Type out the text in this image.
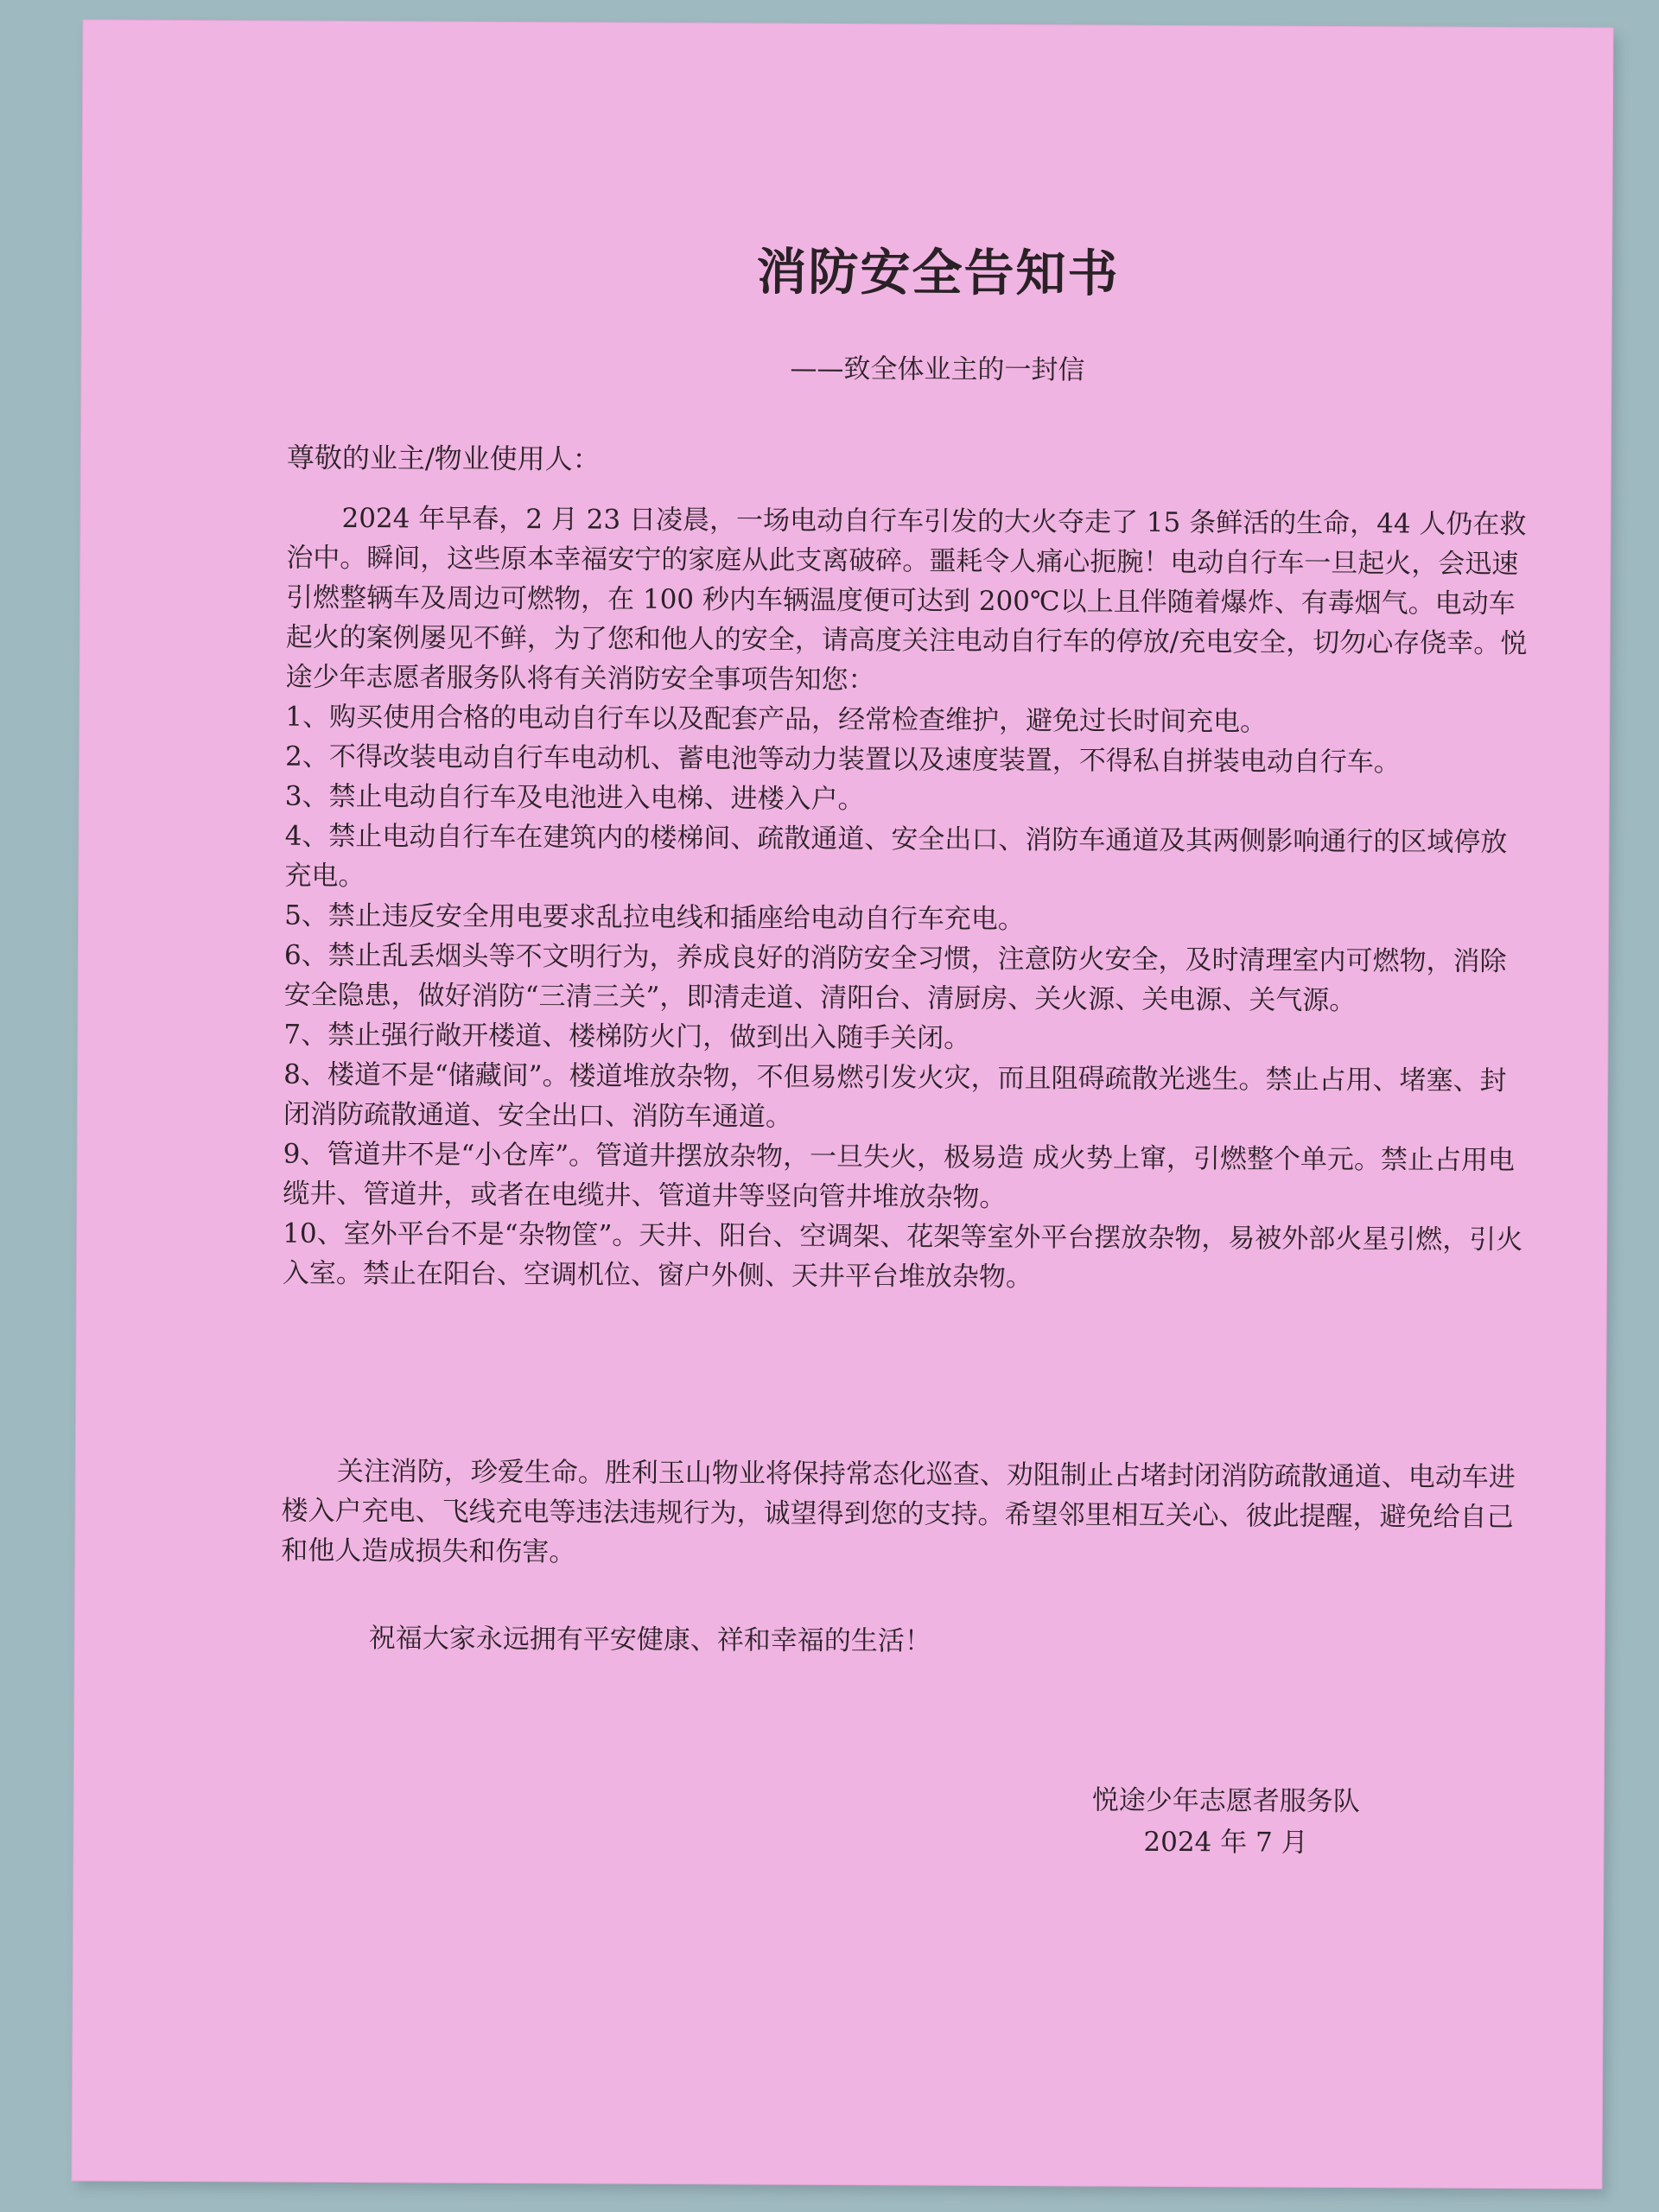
消防安全告知书
——致全体业主的一封信
尊敬的业主/物业使用人：

2024 年早春，2 月 23 日凌晨，一场电动自行车引发的大火夺走了 15 条鲜活的生命，44 人仍在救治中。瞬间，这些原本幸福安宁的家庭从此支离破碎。噩耗令人痛心扼腕！电动自行车一旦起火，会迅速引燃整辆车及周边可燃物，在 100 秒内车辆温度便可达到 200℃以上且伴随着爆炸、有毒烟气。电动车起火的案例屡见不鲜，为了您和他人的安全，请高度关注电动自行车的停放/充电安全，切勿心存侥幸。悦途少年志愿者服务队将有关消防安全事项告知您：

1、购买使用合格的电动自行车以及配套产品，经常检查维护，避免过长时间充电。

2、不得改装电动自行车电动机、蓄电池等动力装置以及速度装置，不得私自拼装电动自行车。

3、禁止电动自行车及电池进入电梯、进楼入户。

4、禁止电动自行车在建筑内的楼梯间、疏散通道、安全出口、消防车通道及其两侧影响通行的区域停放充电。

5、禁止违反安全用电要求乱拉电线和插座给电动自行车充电。

6、禁止乱丢烟头等不文明行为，养成良好的消防安全习惯，注意防火安全，及时清理室内可燃物，消除安全隐患，做好消防“三清三关”，即清走道、清阳台、清厨房、关火源、关电源、关气源。

7、禁止强行敞开楼道、楼梯防火门，做到出入随手关闭。

8、楼道不是“储藏间”。楼道堆放杂物，不但易燃引发火灾，而且阻碍疏散光逃生。禁止占用、堵塞、封闭消防疏散通道、安全出口、消防车通道。

9、管道井不是“小仓库”。管道井摆放杂物，一旦失火，极易造 成火势上窜，引燃整个单元。禁止占用电缆井、管道井，或者在电缆井、管道井等竖向管井堆放杂物。

10、室外平台不是“杂物筐”。天井、阳台、空调架、花架等室外平台摆放杂物，易被外部火星引燃，引火入室。禁止在阳台、空调机位、窗户外侧、天井平台堆放杂物。

关注消防，珍爱生命。胜利玉山物业将保持常态化巡查、劝阻制止占堵封闭消防疏散通道、电动车进楼入户充电、飞线充电等违法违规行为，诚望得到您的支持。希望邻里相互关心、彼此提醒，避免给自己和他人造成损失和伤害。

祝福大家永远拥有平安健康、祥和幸福的生活！

悦途少年志愿者服务队
2024 年 7 月
